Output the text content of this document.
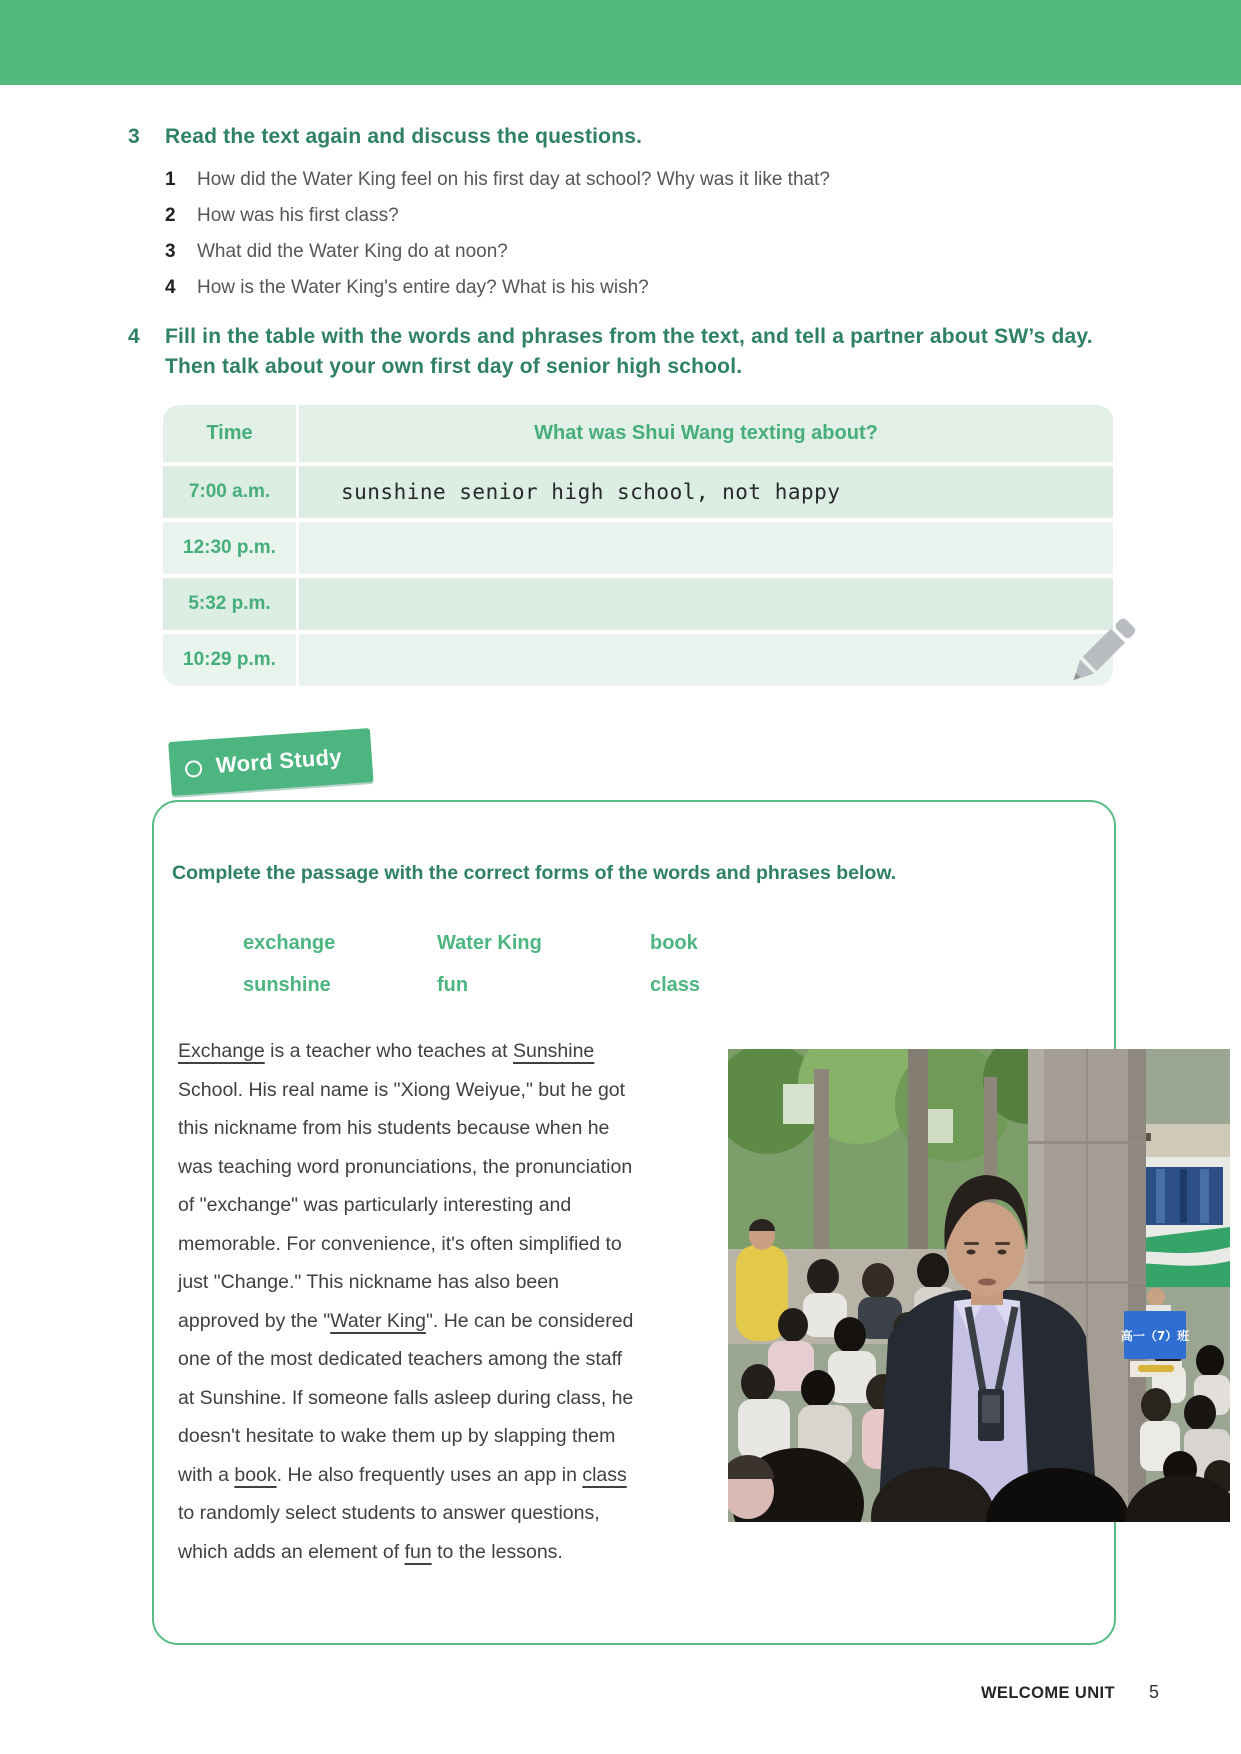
3	Read the text again and discuss the questions.
1	How did the Water King feel on his first day at school? Why was it like that?
2	How was his first class?
3	What did the Water King do at noon?
4	How is the Water King's entire day? What is his wish?
4	Fill in the table with the words and phrases from the text, and tell a partner about SW’s day. Then talk about your own first day of senior high school.
Time	What was Shui Wang texting about?
7:00 a.m.	sunshine senior high school, not happy
12:30 p.m.
5:32 p.m.
10:29 p.m.
Word Study
Complete the passage with the correct forms of the words and phrases below.
exchange	Water King	book
sunshine	fun	class

Exchange is a teacher who teaches at Sunshine School. His real name is "Xiong Weiyue," but he got this nickname from his students because when he was teaching word pronunciations, the pronunciation of "exchange" was particularly interesting and memorable. For convenience, it's often simplified to just "Change." This nickname has also been approved by the "Water King". He can be considered one of the most dedicated teachers among the staff at Sunshine. If someone falls asleep during class, he doesn't hesitate to wake them up by slapping them with a book. He also frequently uses an app in class to randomly select students to answer questions, which adds an element of fun to the lessons.

高一（7）班
WELCOME UNIT 5
